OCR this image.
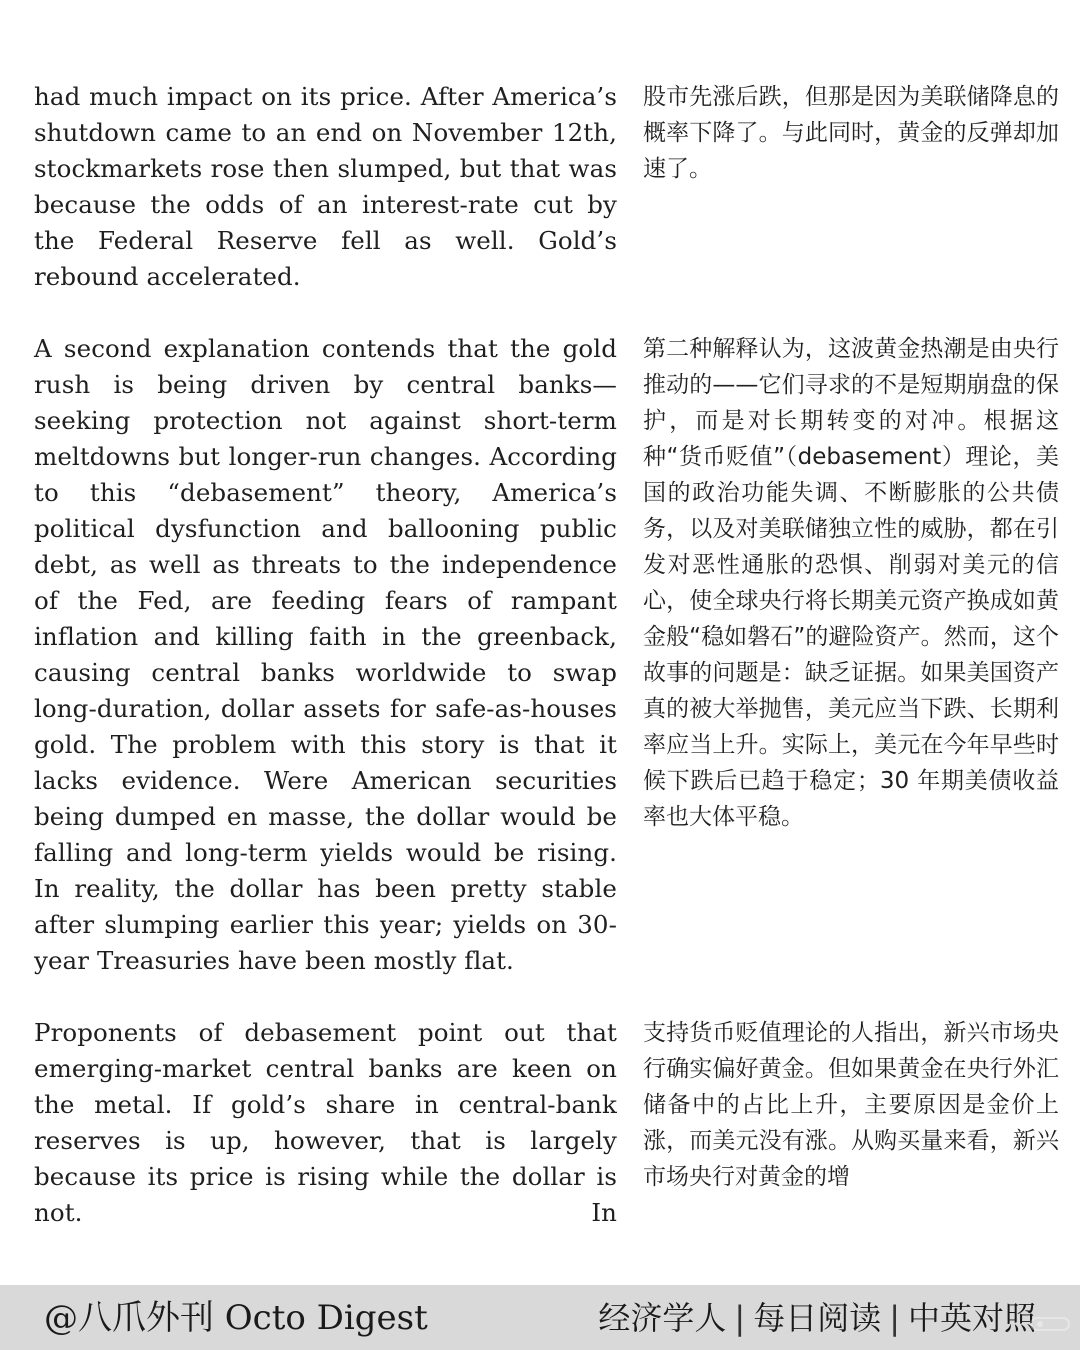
had much impact on its price. After America’s shutdown came to an end on November 12th, stockmarkets rose then slumped, but that was because the odds of an interest-rate cut by the Federal Reserve fell as well. Gold’s rebound accelerated.
股市先涨后跌，但那是因为美联储降息的概率下降了。与此同时，黄金的反弹却加速了。
A second explanation contends that the gold rush is being driven by central banks—seeking protection not against short-term meltdowns but longer-run changes. According to this “debasement” theory, America’s political dysfunction and ballooning public debt, as well as threats to the independence of the Fed, are feeding fears of rampant inflation and killing faith in the greenback, causing central banks worldwide to swap long-duration, dollar assets for safe-as-houses gold. The problem with this story is that it lacks evidence. Were American securities being dumped en masse, the dollar would be falling and long-term yields would be rising. In reality, the dollar has been pretty stable after slumping earlier this year; yields on 30-year Treasuries have been mostly flat.
第二种解释认为，这波黄金热潮是由央行推动的——它们寻求的不是短期崩盘的保护，而是对长期转变的对冲。根据这种“货币贬值”（debasement）理论，美国的政治功能失调、不断膨胀的公共债务，以及对美联储独立性的威胁，都在引发对恶性通胀的恐惧、削弱对美元的信心，使全球央行将长期美元资产换成如黄金般“稳如磐石”的避险资产。然而，这个故事的问题是：缺乏证据。如果美国资产真的被大举抛售，美元应当下跌、长期利率应当上升。实际上，美元在今年早些时候下跌后已趋于稳定；30 年期美债收益率也大体平稳。
Proponents of debasement point out that emerging-market central banks are keen on the metal. If gold’s share in central-bank reserves is up, however, that is largely because its price is rising while the dollar is not. In
支持货币贬值理论的人指出，新兴市场央行确实偏好黄金。但如果黄金在央行外汇储备中的占比上升，主要原因是金价上涨，而美元没有涨。从购买量来看，新兴市场央行对黄金的增
@八爪外刊 Octo Digest	经济学人 | 每日阅读 | 中英对照
